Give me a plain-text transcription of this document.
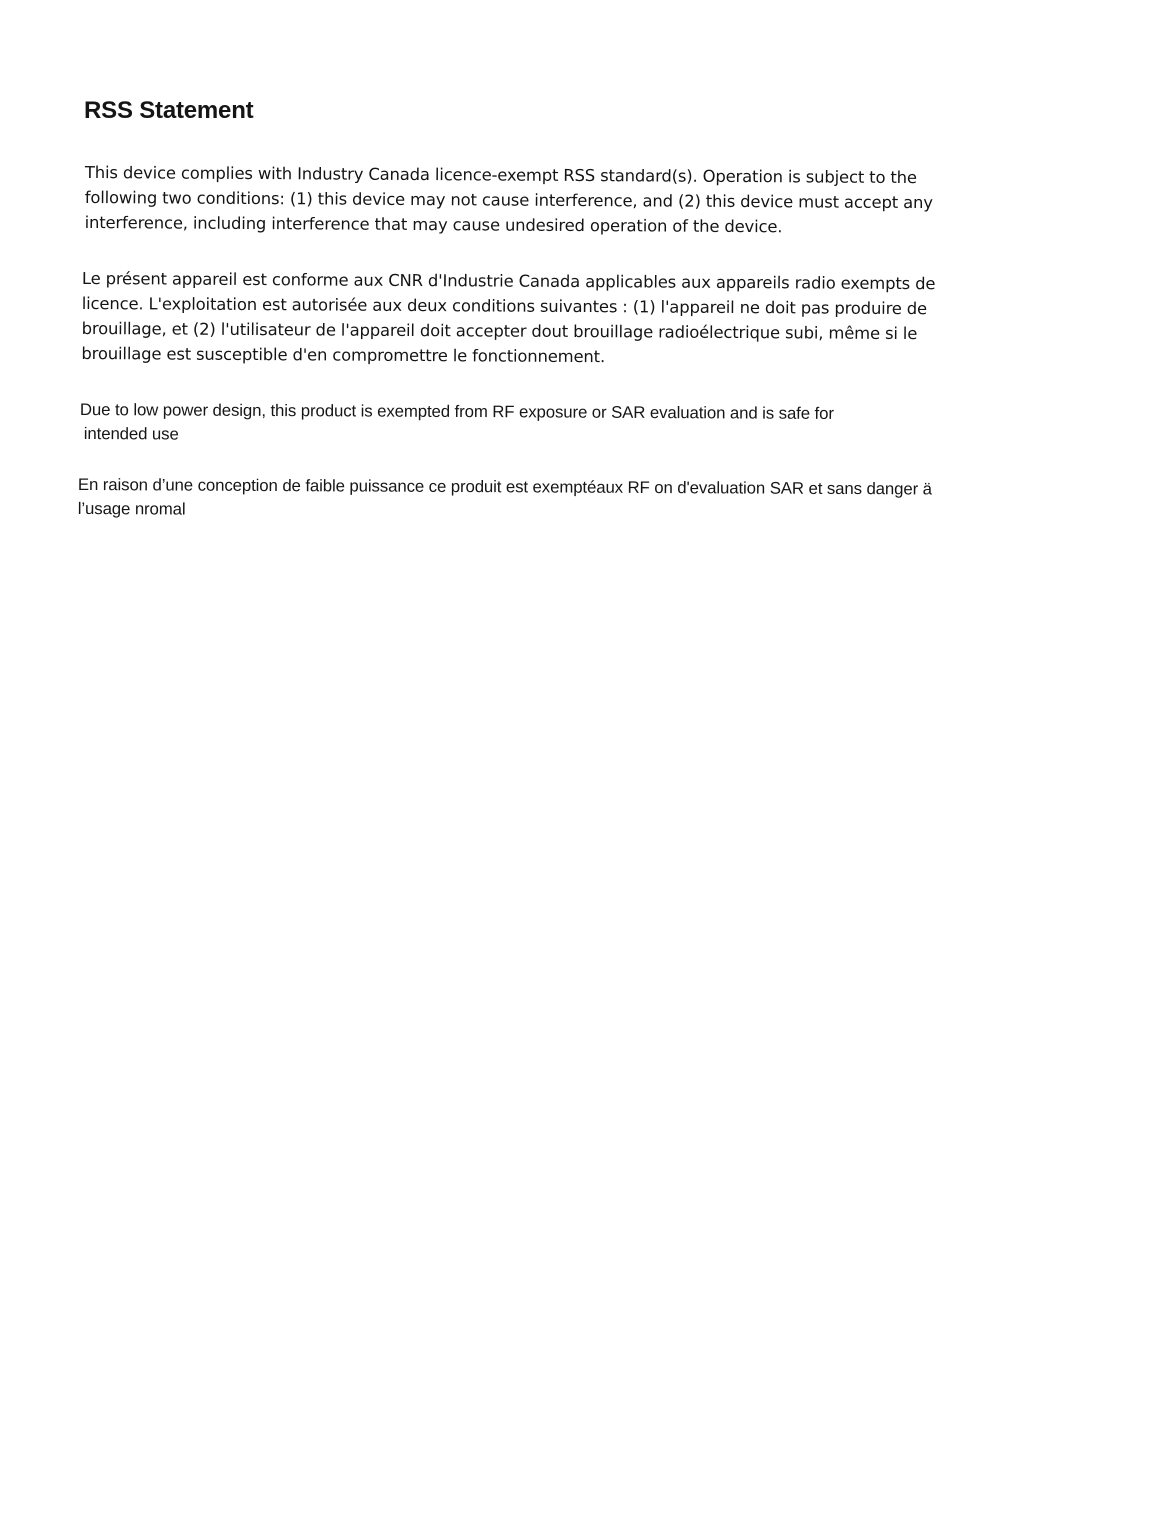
RSS Statement

This device complies with Industry Canada licence-exempt RSS standard(s). Operation is subject to the
following two conditions: (1) this device may not cause interference, and (2) this device must accept any
interference, including interference that may cause undesired operation of the device.

Le présent appareil est conforme aux CNR d'Industrie Canada applicables aux appareils radio exempts de
licence. L'exploitation est autorisée aux deux conditions suivantes : (1) l'appareil ne doit pas produire de
brouillage, et (2) l'utilisateur de l'appareil doit accepter dout brouillage radioélectrique subi, même si le
brouillage est susceptible d'en compromettre le fonctionnement.

Due to low power design, this product is exempted from RF exposure or SAR evaluation and is safe for
intended use

En raison d’une conception de faible puissance ce produit est exemptéaux RF on d'evaluation SAR et sans danger ä
l’usage nromal
